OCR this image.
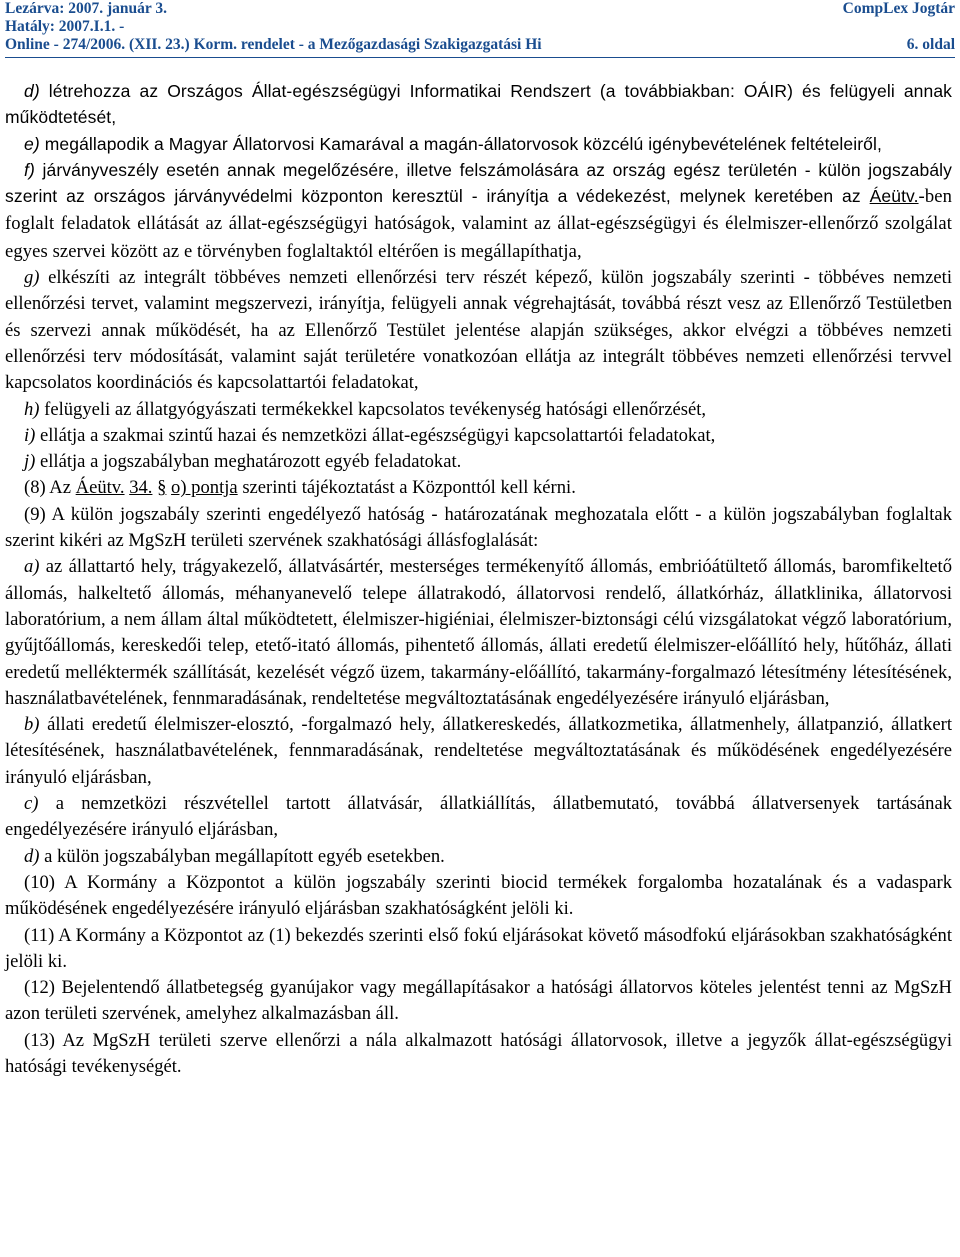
Lezárva: 2007. január 3.	CompLex Jogtár
Hatály: 2007.I.1. -
Online - 274/2006. (XII. 23.) Korm. rendelet - a Mezőgazdasági Szakigazgatási Hi	6. oldal

d) létrehozza az Országos Állat-egészségügyi Informatikai Rendszert (a továbbiakban: OÁIR) és felügyeli annak működtetését,

e) megállapodik a Magyar Állatorvosi Kamarával a magán-állatorvosok közcélú igénybevételének feltételeiről,

f) járványveszély esetén annak megelőzésére, illetve felszámolására az ország egész területén - külön jogszabály szerint az országos járványvédelmi központon keresztül - irányítja a védekezést, melynek keretében az Áeütv.-ben foglalt feladatok ellátását az állat-egészségügyi hatóságok, valamint az állat-egészségügyi és élelmiszer-ellenőrző szolgálat egyes szervei között az e törvényben foglaltaktól eltérően is megállapíthatja,

g) elkészíti az integrált többéves nemzeti ellenőrzési terv részét képező, külön jogszabály szerinti - többéves nemzeti ellenőrzési tervet, valamint megszervezi, irányítja, felügyeli annak végrehajtását, továbbá részt vesz az Ellenőrző Testületben és szervezi annak működését, ha az Ellenőrző Testület jelentése alapján szükséges, akkor elvégzi a többéves nemzeti ellenőrzési terv módosítását, valamint saját területére vonatkozóan ellátja az integrált többéves nemzeti ellenőrzési tervvel kapcsolatos koordinációs és kapcsolattartói feladatokat,

h) felügyeli az állatgyógyászati termékekkel kapcsolatos tevékenység hatósági ellenőrzését,

i) ellátja a szakmai szintű hazai és nemzetközi állat-egészségügyi kapcsolattartói feladatokat,

j) ellátja a jogszabályban meghatározott egyéb feladatokat.

(8) Az Áeütv. 34. § o) pontja szerinti tájékoztatást a Központtól kell kérni.

(9) A külön jogszabály szerinti engedélyező hatóság - határozatának meghozatala előtt - a külön jogszabályban foglaltak szerint kikéri az MgSzH területi szervének szakhatósági állásfoglalását:

a) az állattartó hely, trágyakezelő, állatvásártér, mesterséges termékenyítő állomás, embrióátültető állomás, baromfikeltető állomás, halkeltető állomás, méhanyanevelő telepe állatrakodó, állatorvosi rendelő, állatkórház, állatklinika, állatorvosi laboratórium, a nem állam által működtetett, élelmiszer-higiéniai, élelmiszer-biztonsági célú vizsgálatokat végző laboratórium, gyűjtőállomás, kereskedői telep, etető-itató állomás, pihentető állomás, állati eredetű élelmiszer-előállító hely, hűtőház, állati eredetű melléktermék szállítását, kezelését végző üzem, takarmány-előállító, takarmány-forgalmazó létesítmény létesítésének, használatbavételének, fennmaradásának, rendeltetése megváltoztatásának engedélyezésére irányuló eljárásban,

b) állati eredetű élelmiszer-elosztó, -forgalmazó hely, állatkereskedés, állatkozmetika, állatmenhely, állatpanzió, állatkert létesítésének, használatbavételének, fennmaradásának, rendeltetése megváltoztatásának és működésének engedélyezésére irányuló eljárásban,

c) a nemzetközi részvétellel tartott állatvásár, állatkiállítás, állatbemutató, továbbá állatversenyek tartásának engedélyezésére irányuló eljárásban,

d) a külön jogszabályban megállapított egyéb esetekben.

(10) A Kormány a Központot a külön jogszabály szerinti biocid termékek forgalomba hozatalának és a vadaspark működésének engedélyezésére irányuló eljárásban szakhatóságként jelöli ki.

(11) A Kormány a Központot az (1) bekezdés szerinti első fokú eljárásokat követő másodfokú eljárásokban szakhatóságként jelöli ki.

(12) Bejelentendő állatbetegség gyanújakor vagy megállapításakor a hatósági állatorvos köteles jelentést tenni az MgSzH azon területi szervének, amelyhez alkalmazásban áll.

(13) Az MgSzH területi szerve ellenőrzi a nála alkalmazott hatósági állatorvosok, illetve a jegyzők állat-egészségügyi hatósági tevékenységét.
